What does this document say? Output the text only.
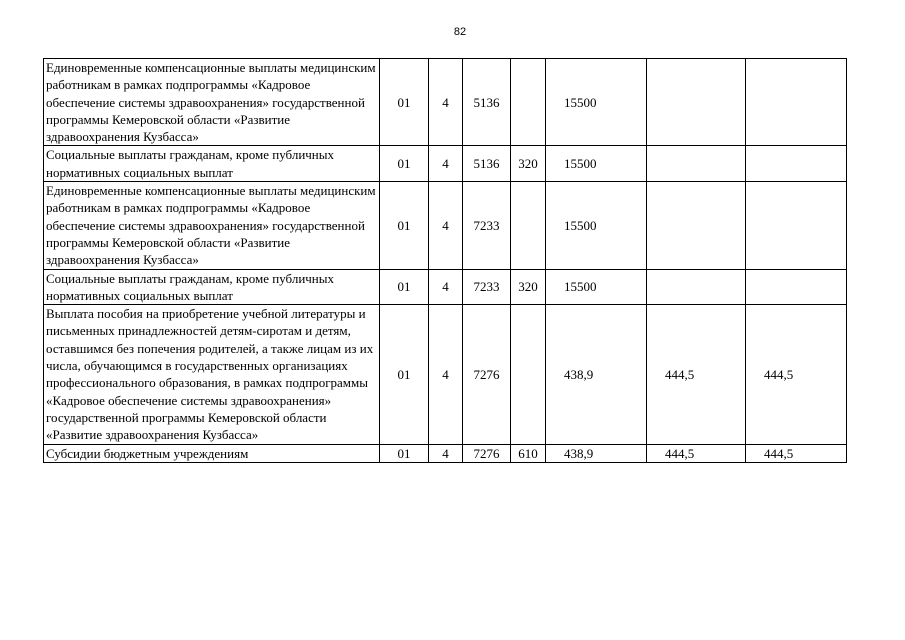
82
Единовременные компенсационные выплаты медицинским работникам в рамках подпрограммы «Кадровое обеспечение системы здравоохранения» государственной программы Кемеровской области «Развитие здравоохранения Кузбасса»	01	4	5136		15500		
Социальные выплаты гражданам, кроме публичных нормативных социальных выплат	01	4	5136	320	15500		
Единовременные компенсационные выплаты медицинским работникам в рамках подпрограммы «Кадровое обеспечение системы здравоохранения» государственной программы Кемеровской области «Развитие здравоохранения Кузбасса»	01	4	7233		15500		
Социальные выплаты гражданам, кроме публичных нормативных социальных выплат	01	4	7233	320	15500		
Выплата пособия на приобретение учебной литературы и письменных принадлежностей детям-сиротам и детям, оставшимся без попечения родителей, а также лицам из их числа, обучающимся в государственных организациях профессионального образования, в рамках подпрограммы «Кадровое обеспечение системы здравоохранения» государственной программы Кемеровской области «Развитие здравоохранения Кузбасса»	01	4	7276		438,9	444,5	444,5
Субсидии бюджетным учреждениям	01	4	7276	610	438,9	444,5	444,5
